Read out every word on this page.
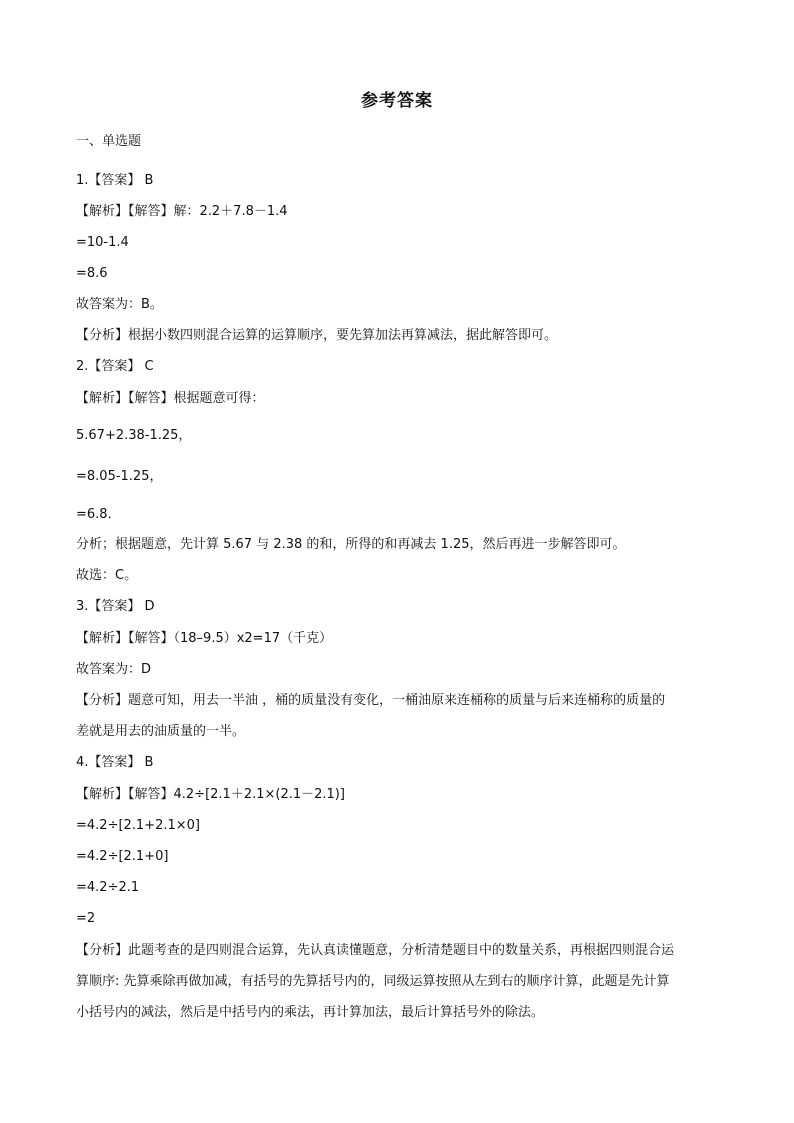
参考答案
一、单选题
1.【答案】 B
【解析】【解答】解：2.2＋7.8－1.4
=10-1.4
=8.6
故答案为：B。
【分析】根据小数四则混合运算的运算顺序，要先算加法再算减法，据此解答即可。
2.【答案】 C
【解析】【解答】根据题意可得：
5.67+2.38-1.25，
=8.05-1.25，
=6.8．
分析；根据题意，先计算 5.67 与 2.38 的和，所得的和再减去 1.25，然后再进一步解答即可。
故选：C。
3.【答案】 D
【解析】【解答】（18–9.5）x2=17（千克）
故答案为：D
【分析】题意可知，用去一半油 ，桶的质量没有变化，一桶油原来连桶称的质量与后来连桶称的质量的
差就是用去的油质量的一半。
4.【答案】 B
【解析】【解答】4.2÷[2.1＋2.1×(2.1－2.1)]
=4.2÷[2.1+2.1×0]
=4.2÷[2.1+0]
=4.2÷2.1
=2
【分析】此题考查的是四则混合运算，先认真读懂题意，分析清楚题目中的数量关系，再根据四则混合运
算顺序: 先算乘除再做加减，有括号的先算括号内的，同级运算按照从左到右的顺序计算，此题是先计算
小括号内的减法，然后是中括号内的乘法，再计算加法，最后计算括号外的除法。
